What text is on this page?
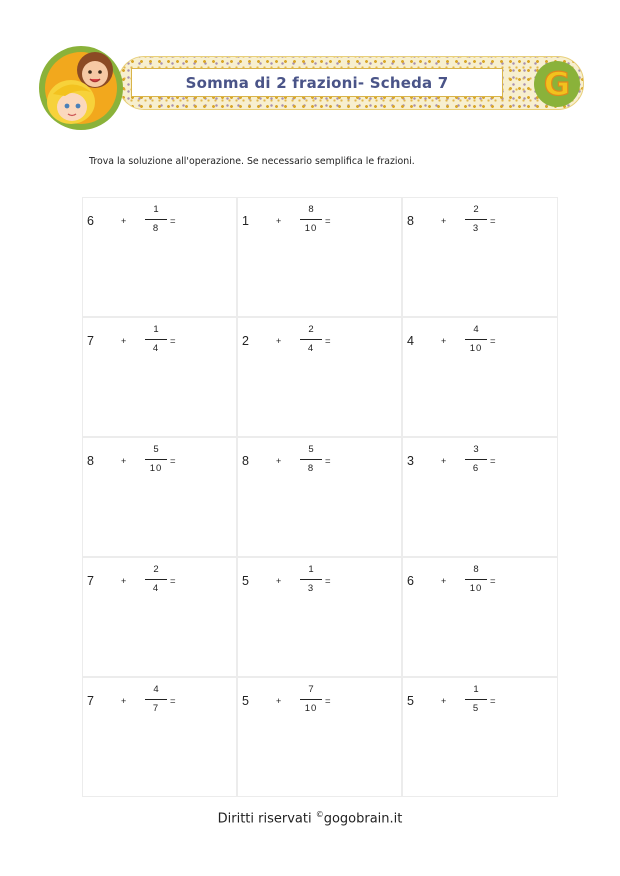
Somma di 2 frazioni- Scheda 7	G
Trova la soluzione all'operazione. Se necessario semplifica le frazioni.
6	+
1
8
=	1	+
8
10
=	8	+
2
3
=
7	+
1
4
=	2	+
2
4
=	4	+
4
10
=
8	+
5
10
=	8	+
5
8
=	3	+
3
6
=
7	+
2
4
=	5	+
1
3
=	6	+
8
10
=
7	+
4
7
=	5	+
7
10
=	5	+
1
5
=
Diritti riservati ©gogobrain.it
